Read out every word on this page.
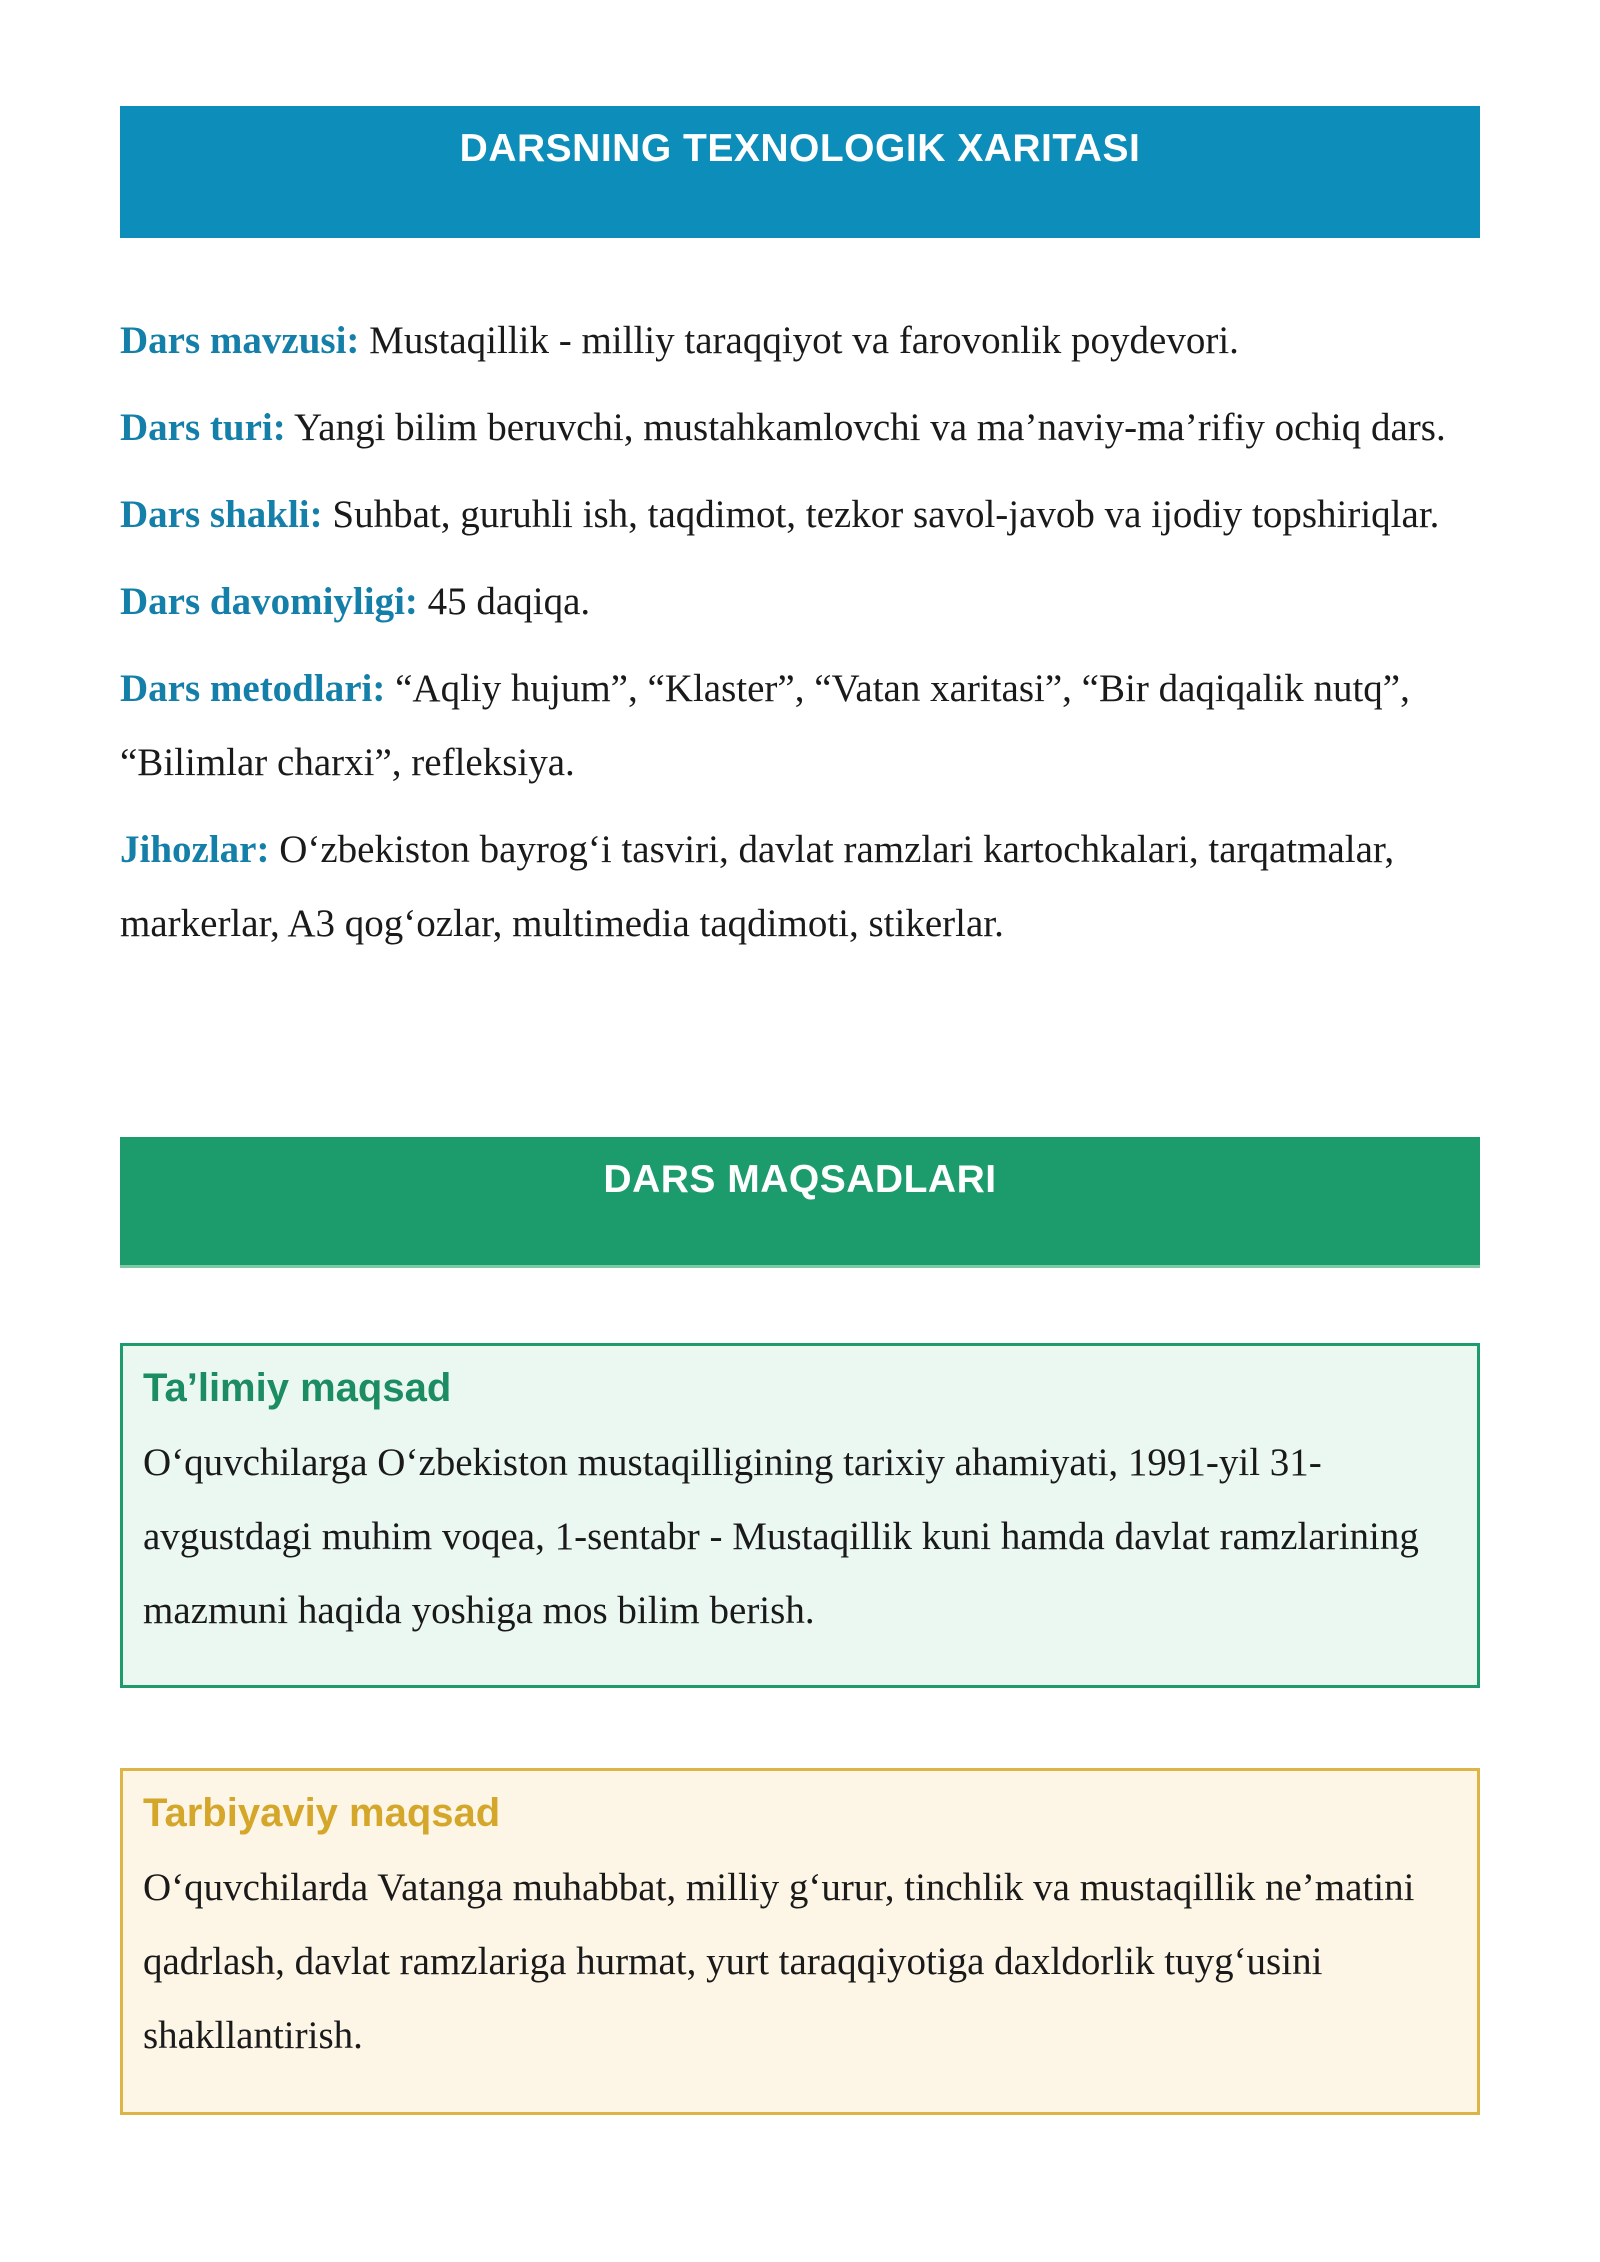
DARSNING TEXNOLOGIK XARITASI

Dars mavzusi: Mustaqillik - milliy taraqqiyot va farovonlik poydevori.

Dars turi: Yangi bilim beruvchi, mustahkamlovchi va ma’naviy-ma’rifiy ochiq dars.

Dars shakli: Suhbat, guruhli ish, taqdimot, tezkor savol-javob va ijodiy topshiriqlar.

Dars davomiyligi: 45 daqiqa.

Dars metodlari: “Aqliy hujum”, “Klaster”, “Vatan xaritasi”, “Bir daqiqalik nutq”, “Bilimlar charxi”, refleksiya.

Jihozlar: O‘zbekiston bayrog‘i tasviri, davlat ramzlari kartochkalari, tarqatmalar, markerlar, A3 qog‘ozlar, multimedia taqdimoti, stikerlar.

DARS MAQSADLARI
Ta’limiy maqsad

O‘quvchilarga O‘zbekiston mustaqilligining tarixiy ahamiyati, 1991-yil 31-avgustdagi muhim voqea, 1-sentabr - Mustaqillik kuni hamda davlat ramzlarining mazmuni haqida yoshiga mos bilim berish.

Tarbiyaviy maqsad

O‘quvchilarda Vatanga muhabbat, milliy g‘urur, tinchlik va mustaqillik ne’matini qadrlash, davlat ramzlariga hurmat, yurt taraqqiyotiga daxldorlik tuyg‘usini shakllantirish.
